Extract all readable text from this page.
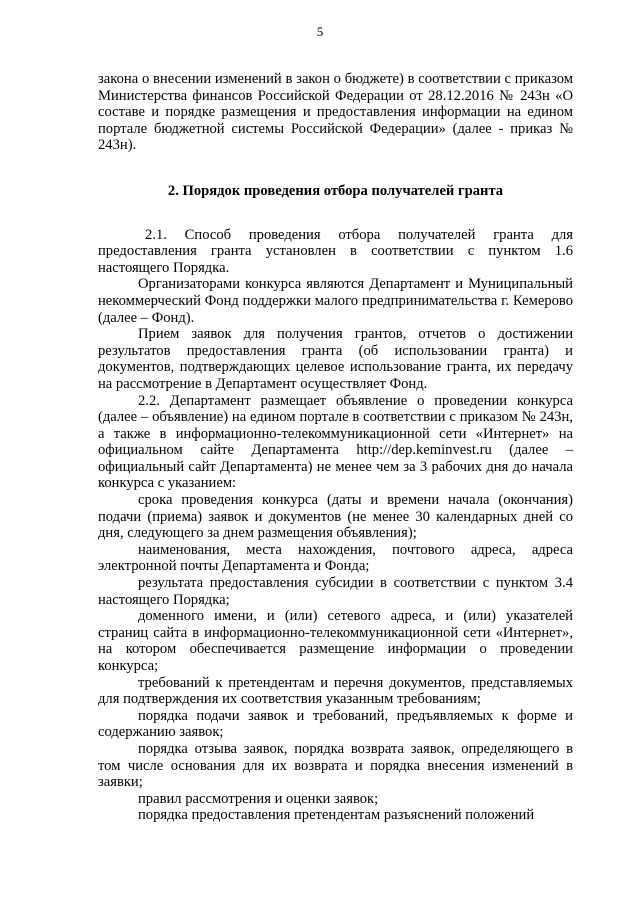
5

закона о внесении изменений в закон о бюджете) в соответствии с приказом Министерства финансов Российской Федерации от 28.12.2016 № 243н «О составе и порядке размещения и предоставления информации на едином портале бюджетной системы Российской Федерации» (далее - приказ № 243н).

2. Порядок проведения отбора получателей гранта

2.1. Способ проведения отбора получателей гранта для предоставления гранта установлен в соответствии с пунктом 1.6 настоящего Порядка.

Организаторами конкурса являются Департамент и Муниципальный некоммерческий Фонд поддержки малого предпринимательства г. Кемерово (далее – Фонд).

Прием заявок для получения грантов, отчетов о достижении результатов предоставления гранта (об использовании гранта) и документов, подтверждающих целевое использование гранта, их передачу на рассмотрение в Департамент осуществляет Фонд.

2.2. Департамент размещает объявление о проведении конкурса (далее – объявление) на едином портале в соответствии с приказом № 243н, а также в информационно-телекоммуникационной сети «Интернет» на официальном сайте Департамента http://dep.keminvest.ru (далее – официальный сайт Департамента) не менее чем за 3 рабочих дня до начала конкурса с указанием:

срока проведения конкурса (даты и времени начала (окончания) подачи (приема) заявок и документов (не менее 30 календарных дней со дня, следующего за днем размещения объявления);

наименования, места нахождения, почтового адреса, адреса электронной почты Департамента и Фонда;

результата предоставления субсидии в соответствии с пунктом 3.4 настоящего Порядка;

доменного имени, и (или) сетевого адреса, и (или) указателей страниц сайта в информационно-телекоммуникационной сети «Интернет», на котором обеспечивается размещение информации о проведении конкурса;

требований к претендентам и перечня документов, представляемых для подтверждения их соответствия указанным требованиям;

порядка подачи заявок и требований, предъявляемых к форме и содержанию заявок;

порядка отзыва заявок, порядка возврата заявок, определяющего в том числе основания для их возврата и порядка внесения изменений в заявки;

правил рассмотрения и оценки заявок;

порядка предоставления претендентам разъяснений положений
